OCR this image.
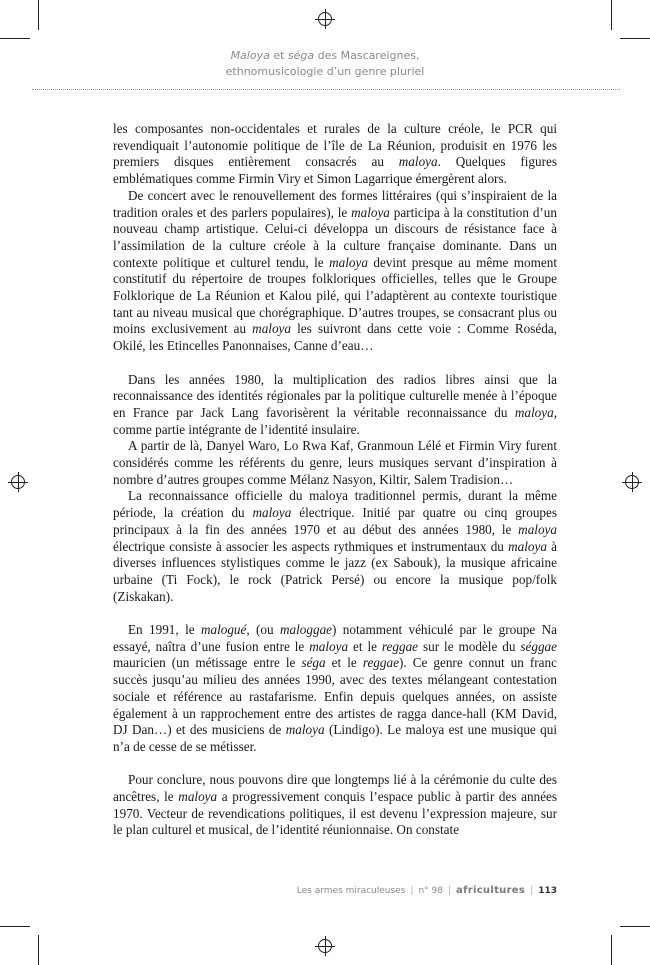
Maloya et séga des Mascareignes,
ethnomusicologie d’un genre pluriel

les composantes non-occidentales et rurales de la culture créole, le PCR qui revendiquait l’autonomie politique de l’île de La Réunion, produisit en 1976 les premiers disques entièrement consacrés au maloya. Quelques figures emblématiques comme Firmin Viry et Simon Lagarrique émergèrent alors.

De concert avec le renouvellement des formes littéraires (qui s’inspiraient de la tradition orales et des parlers populaires), le maloya participa à la constitution d’un nouveau champ artistique. Celui-ci développa un discours de résistance face à l’assimilation de la culture créole à la culture française dominante. Dans un contexte politique et culturel tendu, le maloya devint presque au même moment constitutif du répertoire de troupes folkloriques officielles, telles que le Groupe Folklorique de La Réunion et Kalou pilé, qui l’adaptèrent au contexte touristique tant au niveau musical que chorégraphique. D’autres troupes, se consacrant plus ou moins exclusivement au maloya les suivront dans cette voie : Comme Roséda, Okilé, les Etincelles Panonnaises, Canne d’eau…

Dans les années 1980, la multiplication des radios libres ainsi que la reconnaissance des identités régionales par la politique culturelle menée à l’époque en France par Jack Lang favorisèrent la véritable reconnaissance du maloya, comme partie intégrante de l’identité insulaire.

A partir de là, Danyel Waro, Lo Rwa Kaf, Granmoun Lélé et Firmin Viry furent considérés comme les référents du genre, leurs musiques servant d’inspiration à nombre d’autres groupes comme Mélanz Nasyon, Kiltir, Salem Tradision…

La reconnaissance officielle du maloya traditionnel permis, durant la même période, la création du maloya électrique. Initié par quatre ou cinq groupes principaux à la fin des années 1970 et au début des années 1980, le maloya électrique consiste à associer les aspects rythmiques et instrumentaux du maloya à diverses influences stylistiques comme le jazz (ex Sabouk), la musique africaine urbaine (Ti Fock), le rock (Patrick Persé) ou encore la musique pop/folk (Ziskakan).

En 1991, le malogué, (ou maloggae) notamment véhiculé par le groupe Na essayé, naîtra d’une fusion entre le maloya et le reggae sur le modèle du séggae mauricien (un métissage entre le séga et le reggae). Ce genre connut un franc succès jusqu’au milieu des années 1990, avec des textes mélangeant contestation sociale et référence au rastafarisme. Enfin depuis quelques années, on assiste également à un rapprochement entre des artistes de ragga dance-hall (KM David, DJ Dan…) et des musiciens de maloya (Lindigo). Le maloya est une musique qui n’a de cesse de se métisser.

Pour conclure, nous pouvons dire que longtemps lié à la cérémonie du culte des ancêtres, le maloya a progressivement conquis l’espace public à partir des années 1970. Vecteur de revendications politiques, il est devenu l’expression majeure, sur le plan culturel et musical, de l’identité réunionnaise. On constate

Les armes miraculeuses | n° 98 | africultures | 113
